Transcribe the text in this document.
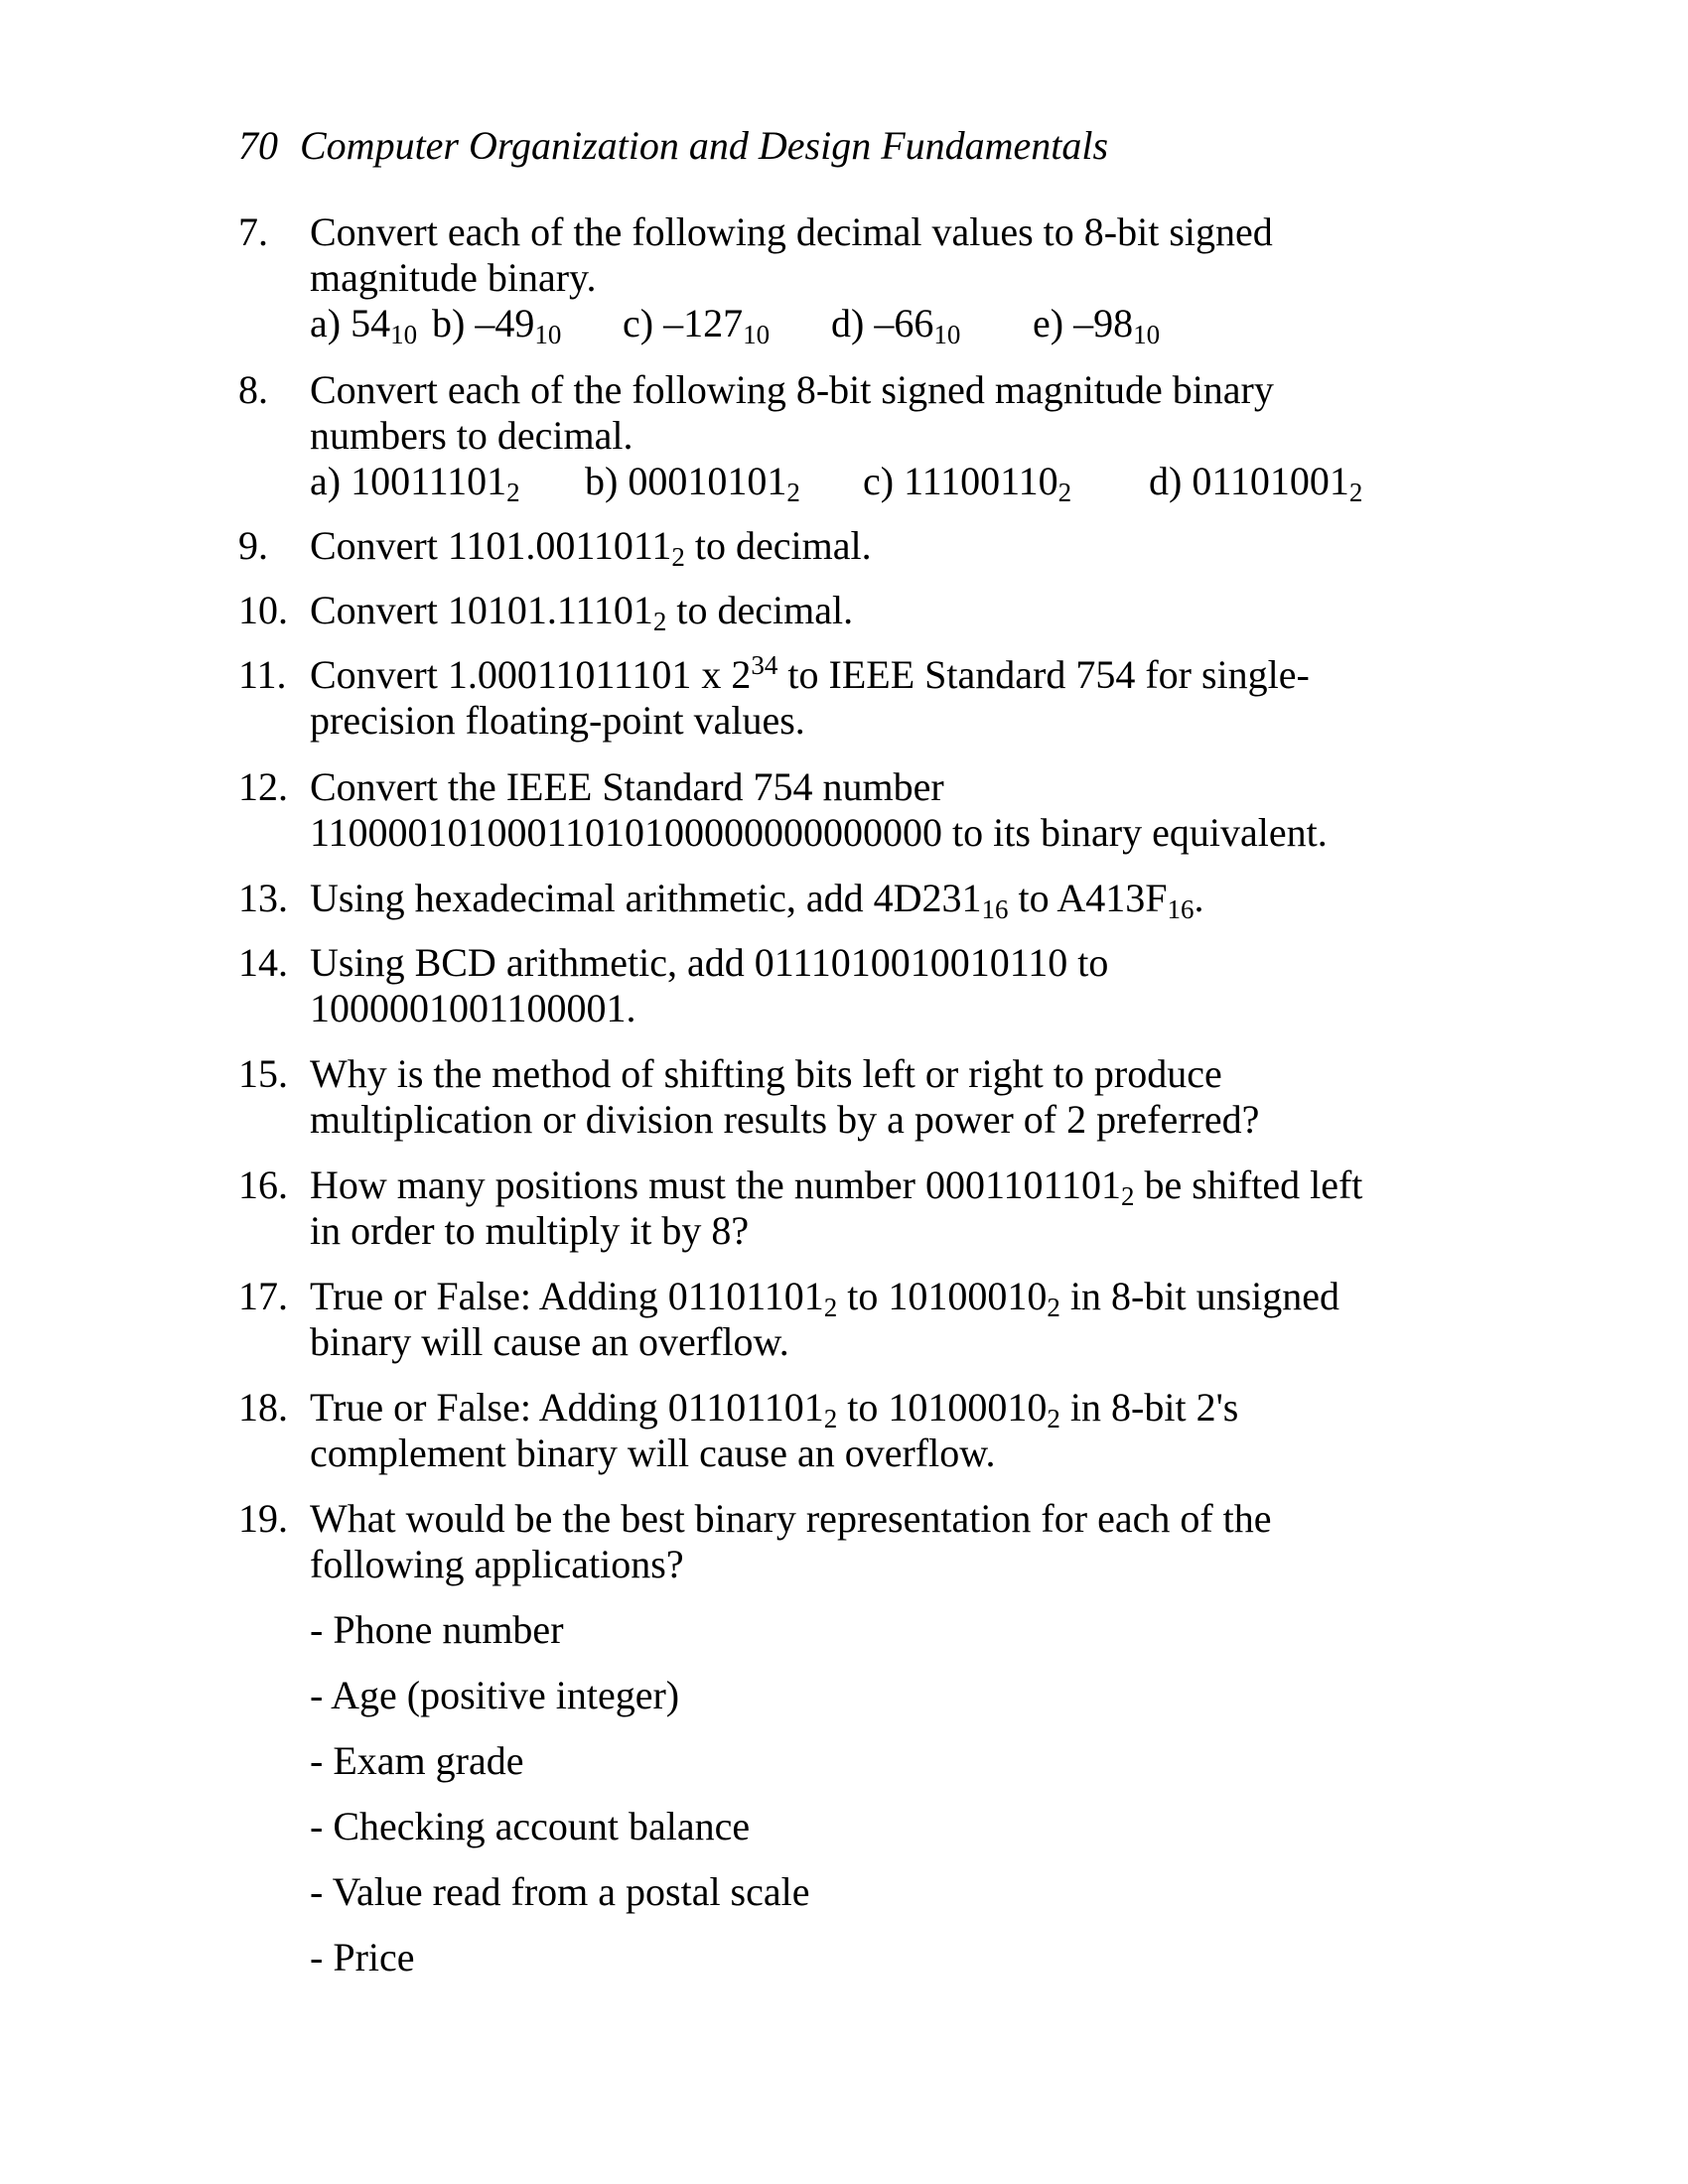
70 Computer Organization and Design Fundamentals
7. Convert each of the following decimal values to 8-bit signed
magnitude binary.
a) $54_{10}$ b) $-49_{10}$ c) $-127_{10}$ d) $-66_{10}$ e) $-98_{10}$
8. Convert each of the following 8-bit signed magnitude binary
numbers to decimal.
a) $10011101_2$ b) $00010101_2$ c) $11100110_2$ d) $01101001_2$
9. Convert $1101.0011011_2$ to decimal.
10. Convert $10101.11101_2$ to decimal.
11. Convert 1.00011011101 x $2^{34}$ to IEEE Standard 754 for single-
precision floating-point values.
12. Convert the IEEE Standard 754 number
11000010100011010100000000000000 to its binary equivalent.
13. Using hexadecimal arithmetic, add $4D231_{16}$ to $A413F_{16}$.
14. Using BCD arithmetic, add 0111010010010110 to
1000001001100001.
15. Why is the method of shifting bits left or right to produce
multiplication or division results by a power of 2 preferred?
16. How many positions must the number $0001101101_2$ be shifted left
in order to multiply it by 8?
17. True or False: Adding $01101101_2$ to $10100010_2$ in 8-bit unsigned
binary will cause an overflow.
18. True or False: Adding $01101101_2$ to $10100010_2$ in 8-bit 2's
complement binary will cause an overflow.
19. What would be the best binary representation for each of the
following applications?
- Phone number
- Age (positive integer)
- Exam grade
- Checking account balance
- Value read from a postal scale
- Price
